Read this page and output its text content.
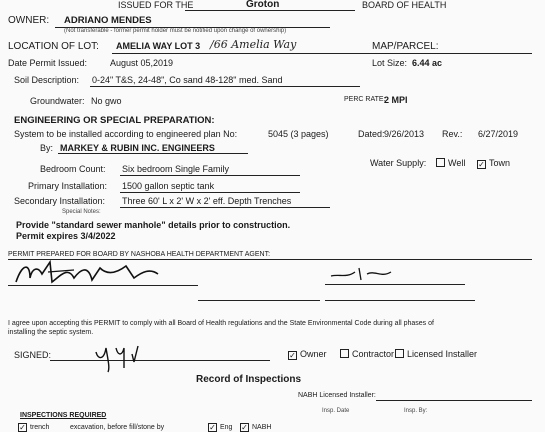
ISSUED FOR THE	Groton	BOARD OF HEALTH
OWNER: ADRIANO MENDES
(Not transferable - former permit holder must be notified upon change of ownership)
LOCATION OF LOT: AMELIA WAY LOT 3 /66 Amelia Way	MAP/PARCEL:
Date Permit Issued:	August 05,2019	Lot Size: 6.44 ac
Soil Description: 0-24" T&S, 24-48", Co sand 48-128" med. Sand
Groundwater: No gwo	PERC RATE:
2 MPI
ENGINEERING OR SPECIAL PREPARATION:
System to be installed according to engineered plan No:	5045 (3 pages)	Dated: 9/26/2013 Rev.: 6/27/2019
By: MARKEY & RUBIN INC. ENGINEERS
Water Supply:	Well ✓ Town
Bedroom Count: Six bedroom Single Family
Primary Installation: 1500 gallon septic tank
Secondary Installation: Three 60' L x 2' W x 2' eff. Depth Trenches
Special Notes:
Provide "standard sewer manhole" details prior to construction.
Permit expires 3/4/2022
PERMIT PREPARED FOR BOARD BY NASHOBA HEALTH DEPARTMENT AGENT:
I agree upon accepting this PERMIT to comply with all Board of Health regulations and the State Environmental Code during all phases of
installing the septic system.
SIGNED:	✓ Owner	Contractor	Licensed Installer
Record of Inspections
NABH Licensed Installer:
Insp. Date	Insp. By:
INSPECTIONS REQUIRED
✓ trench	excavation, before fill/stone by	✓ Eng ✓ NABH
